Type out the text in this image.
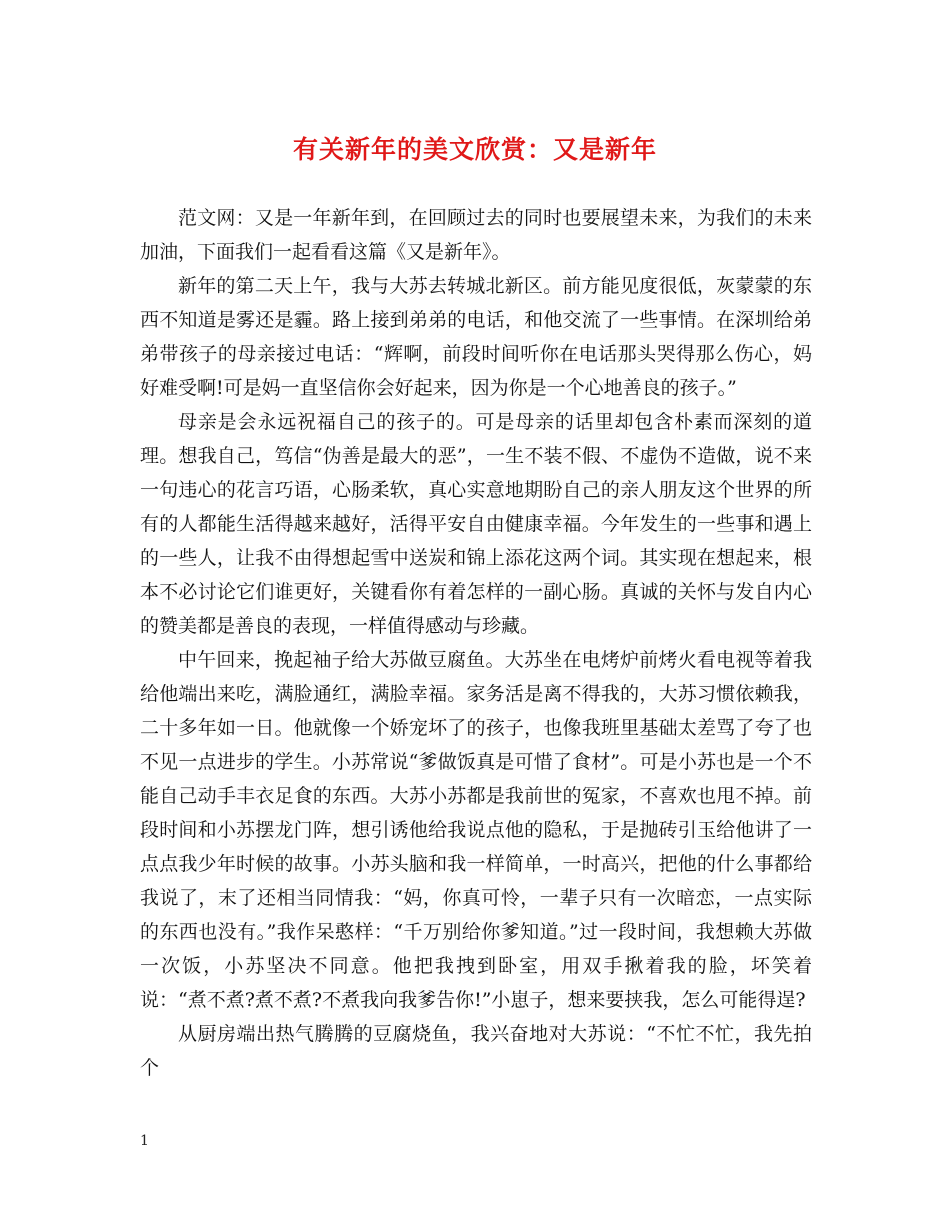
有关新年的美文欣赏：又是新年

范文网：又是一年新年到，在回顾过去的同时也要展望未来，为我们的未来加油，下面我们一起看看这篇《又是新年》。

新年的第二天上午，我与大苏去转城北新区。前方能见度很低，灰蒙蒙的东西不知道是雾还是霾。路上接到弟弟的电话，和他交流了一些事情。在深圳给弟弟带孩子的母亲接过电话：“辉啊，前段时间听你在电话那头哭得那么伤心，妈好难受啊!可是妈一直坚信你会好起来，因为你是一个心地善良的孩子。”

母亲是会永远祝福自己的孩子的。可是母亲的话里却包含朴素而深刻的道理。想我自己，笃信“伪善是最大的恶”，一生不装不假、不虚伪不造做，说不来一句违心的花言巧语，心肠柔软，真心实意地期盼自己的亲人朋友这个世界的所有的人都能生活得越来越好，活得平安自由健康幸福。今年发生的一些事和遇上的一些人，让我不由得想起雪中送炭和锦上添花这两个词。其实现在想起来，根本不必讨论它们谁更好，关键看你有着怎样的一副心肠。真诚的关怀与发自内心的赞美都是善良的表现，一样值得感动与珍藏。

中午回来，挽起袖子给大苏做豆腐鱼。大苏坐在电烤炉前烤火看电视等着我给他端出来吃，满脸通红，满脸幸福。家务活是离不得我的，大苏习惯依赖我，二十多年如一日。他就像一个娇宠坏了的孩子，也像我班里基础太差骂了夸了也不见一点进步的学生。小苏常说“爹做饭真是可惜了食材”。可是小苏也是一个不能自己动手丰衣足食的东西。大苏小苏都是我前世的冤家，不喜欢也甩不掉。前段时间和小苏摆龙门阵，想引诱他给我说点他的隐私，于是抛砖引玉给他讲了一点点我少年时候的故事。小苏头脑和我一样简单，一时高兴，把他的什么事都给我说了，末了还相当同情我：“妈，你真可怜，一辈子只有一次暗恋，一点实际的东西也没有。”我作呆憨样：“千万别给你爹知道。”过一段时间，我想赖大苏做一次饭，小苏坚决不同意。他把我拽到卧室，用双手揪着我的脸，坏笑着说：“煮不煮?煮不煮?不煮我向我爹告你!”小崽子，想来要挟我，怎么可能得逞?

从厨房端出热气腾腾的豆腐烧鱼，我兴奋地对大苏说：“不忙不忙，我先拍个

1
